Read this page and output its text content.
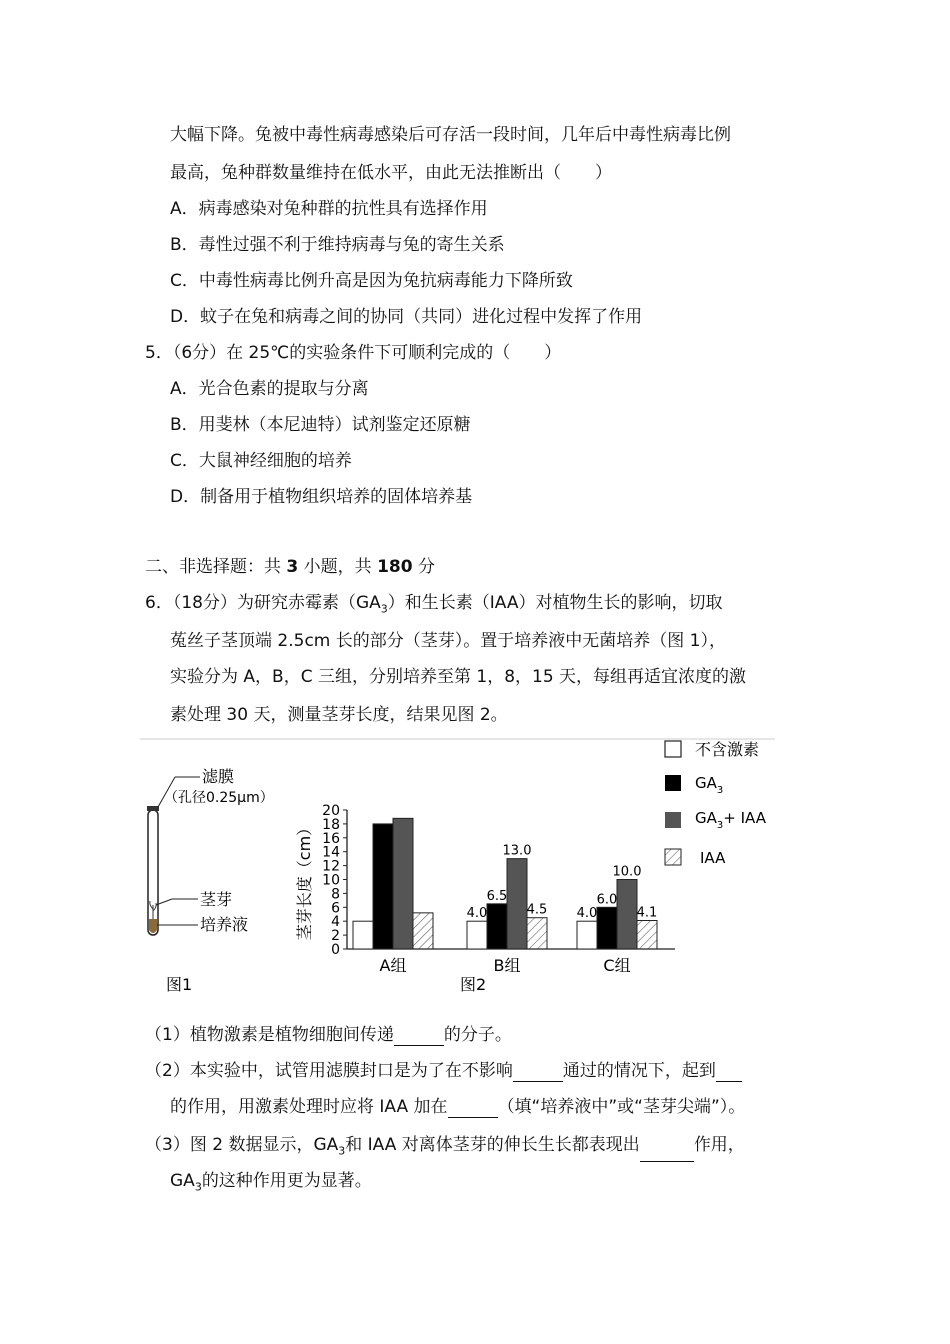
大幅下降。兔被中毒性病毒感染后可存活一段时间，几年后中毒性病毒比例
最高，兔种群数量维持在低水平，由此无法推断出（　　）
A．病毒感染对兔种群的抗性具有选择作用
B．毒性过强不利于维持病毒与兔的寄生关系
C．中毒性病毒比例升高是因为兔抗病毒能力下降所致
D．蚊子在兔和病毒之间的协同（共同）进化过程中发挥了作用
5．（6分）在 25℃的实验条件下可顺利完成的（　　）
A．光合色素的提取与分离
B．用斐林（本尼迪特）试剂鉴定还原糖
C．大鼠神经细胞的培养
D．制备用于植物组织培养的固体培养基
二、非选择题：共 3 小题，共 180 分
6．（18分）为研究赤霉素$(GA_3)$和生长素（IAA）对植物生长的影响，切取
菟丝子茎顶端 2.5cm 长的部分（茎芽）。置于培养液中无菌培养（图 1），
实验分为 A，B，C 三组，分别培养至第 1，8，15 天，每组再适宜浓度的激
素处理 30 天，测量茎芽长度，结果见图 2。
滤膜
（孔径0.25μm）
茎芽
培养液
图1
0
2
4
6
8
10
12
14
16
18
20
茎芽长度（cm）	4.0
6.5
13.0
4.5 4.0
6.0
10.0
4.1
A组	B组	C组
图2
不含激素
$GA_3$
$GA_3+$ IAA
IAA
（1）植物激素是植物细胞间传递	的分子。
（2）本实验中，试管用滤膜封口是为了在不影响	通过的情况下，起到
的作用，用激素处理时应将 IAA 加在	（填“培养液中”或“茎芽尖端”）。
（3）图 2 数据显示，$GA_3$和 IAA 对离体茎芽的伸长生长都表现出	作用，
$GA_3$的这种作用更为显著。
